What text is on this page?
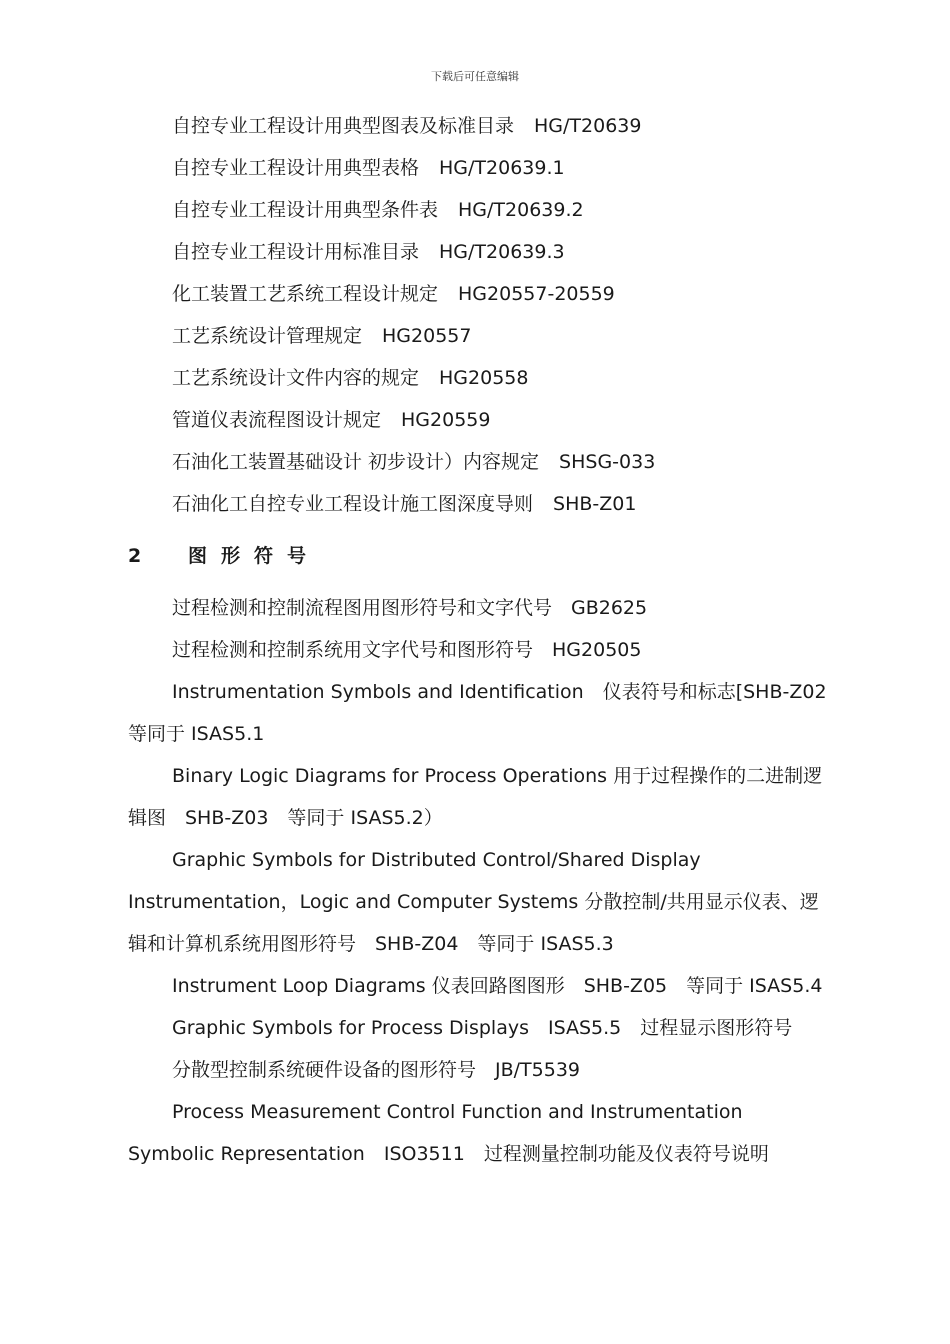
下载后可任意编辑
自控专业工程设计用典型图表及标准目录 HG/T20639
自控专业工程设计用典型表格 HG/T20639.1
自控专业工程设计用典型条件表 HG/T20639.2
自控专业工程设计用标准目录 HG/T20639.3
化工装置工艺系统工程设计规定 HG20557-20559
工艺系统设计管理规定 HG20557
工艺系统设计文件内容的规定 HG20558
管道仪表流程图设计规定 HG20559
石油化工装置基础设计 初步设计）内容规定 SHSG-033
石油化工自控专业工程设计施工图深度导则 SHB-Z01
2 图形符号
过程检测和控制流程图用图形符号和文字代号　GB2625
过程检测和控制系统用文字代号和图形符号　HG20505
Instrumentation Symbols and Identification　仪表符号和标志[SHB-Z02 等同于 ISAS5.1
Binary Logic Diagrams for Process Operations 用于过程操作的二进制逻辑图　SHB-Z03　等同于 ISAS5.2）
Graphic Symbols for Distributed Control/Shared Display Instrumentation，Logic and Computer Systems 分散控制/共用显示仪表、逻辑和计算机系统用图形符号　SHB-Z04　等同于 ISAS5.3
Instrument Loop Diagrams 仪表回路图图形　SHB-Z05　等同于 ISAS5.4
Graphic Symbols for Process Displays　ISAS5.5　过程显示图形符号
分散型控制系统硬件设备的图形符号　JB/T5539
Process Measurement Control Function and Instrumentation Symbolic Representation　ISO3511　过程测量控制功能及仪表符号说明
